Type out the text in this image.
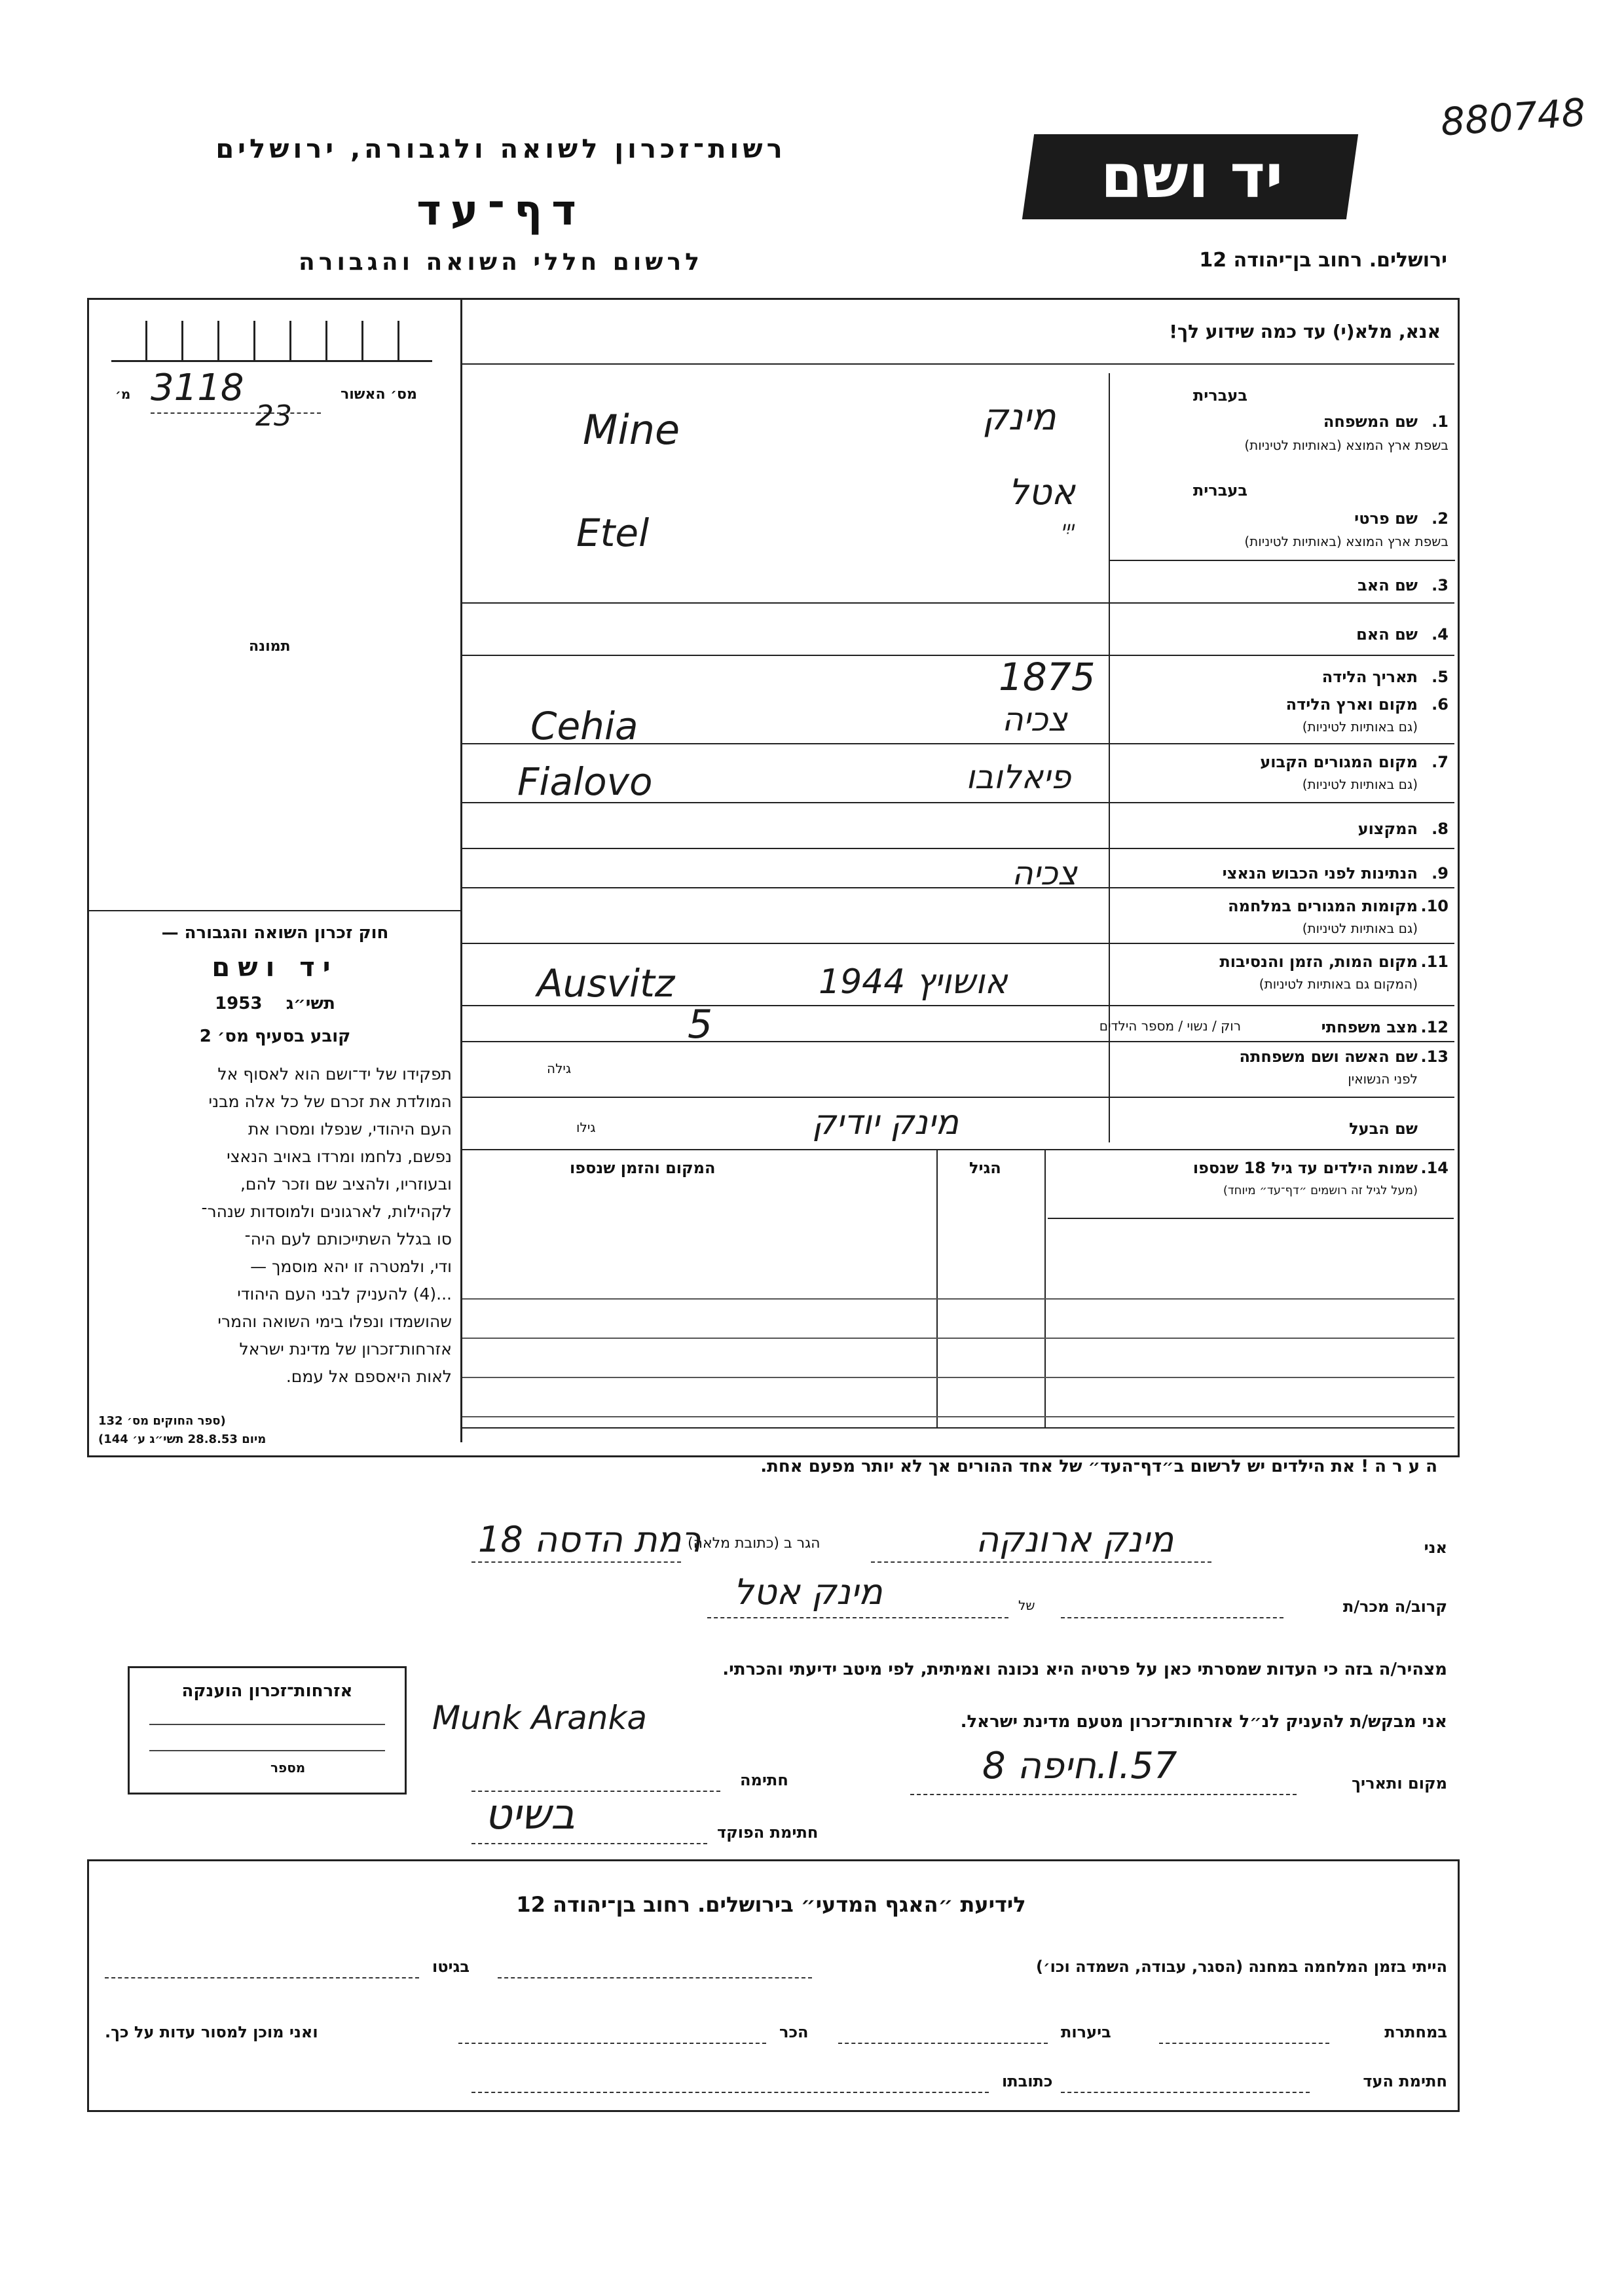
880748
יד ושם
ירושלים. רחוב בן־יהודה 12
רשות־זכרון לשואה ולגבורה, ירושלים
דף־עד
לרשום חללי השואה והגבורה
אנא, מלא(י) עד כמה שידוע לך!
מס׳ האשור
מ׳ 3118
23
תמונה
חוק זכרון השואה והגבורה —
יד ושם
1953 תשי״ג
קובע בסעיף מס׳ 2

תפקידו של יד־ושם הוא לאסוף אל

המולדת את זכרם של כל אלה מבני

העם היהודי, שנפלו ומסרו את

נפשם, נלחמו ומרדו באויב הנאצי

ובעוזריו, ולהציב שם וזכר להם,

לקהילות, לארגונים ולמוסדות שנהר־

סו בגלל השתייכותם לעם היה־

ודי, ולמטרה זו יהא מוסמך —

...(4) להעניק לבני העם היהודי

שהושמדו ונפלו בימי השואה והמרי

אזרחות־זכרון של מדינת ישראל

לאות היאספם אל עמם.

(ספר החוקים מס׳ 132
מיום 28.8.53 תשי״ג ע׳ 144)
בעברית
1.
שם המשפחה
בשפת ארץ המוצא (באותיות לטיניות)
בעברית
2.
שם פרטי
בשפת ארץ המוצא (באותיות לטיניות)
3.
שם האב
4.
שם האם
5.
תאריך הלידה
6.
מקום וארץ הלידה
(גם באותיות לטיניות)
7.
מקום המגורים הקבוע
(גם באותיות לטיניות)
8.
המקצוע
9.
הנתינות לפני הכבוש הנאצי
10.
מקומות המגורים במלחמה
(גם באותיות לטיניות)
11.
מקום המות, הזמן והנסיבות
(המקום גם באותיות לטיניות)
12.
מצב משפחתי
רוק / נשוי / מספר הילדים
13.
שם האשה ושם משפחתה
לפני הנשואין
גילה
שם הבעל
גילו
14.
שמות הילדים עד גיל 18 שנספו
(מעל לגיל זה רושמים ״דף־עד״ מיוחד)
הגיל
המקום והזמן שנספו
ה ע ר ה ! את הילדים יש לרשום ב״דף־העד״ של אחד ההורים אך לא יותר מפעם אחת.
מינק
Mine
אטל
ייִי
Etel
1875
צכיה
Cehia
פיאלובו
Fialovo
צכיה
Ausvitz	אושויץ 1944
5
מינק יודיק
אני
מינק ארונקה
הגר ב (כתובת מלאה)
רמת הדסה 18
קרוב/ה מכר/ת
של
מינק אטל
מצהיר/ה בזה כי העדות שמסרתי כאן על פרטיה היא נכונה ואמיתית, לפי מיטב ידיעתי והכרתי.
אני מבקש/ת להעניק לנ״ל אזרחות־זכרון מטעם מדינת ישראל.
Munk Aranka
מקום ותאריך
חיפה 8.I.57
חתימה
חתימת הפוקד
בשיט
אזרחות־זכרון הוענקה
מספר
לידיעת ״האגף המדעי״ בירושלים. רחוב בן־יהודה 12
הייתי בזמן המלחמה במחנה (הסגר, עבודה, השמדה וכו׳)
בגיטו
במחתרת
ביערות
הכר
ואני מוכן למסור עדות על כך.
חתימת העד
כתובתו
